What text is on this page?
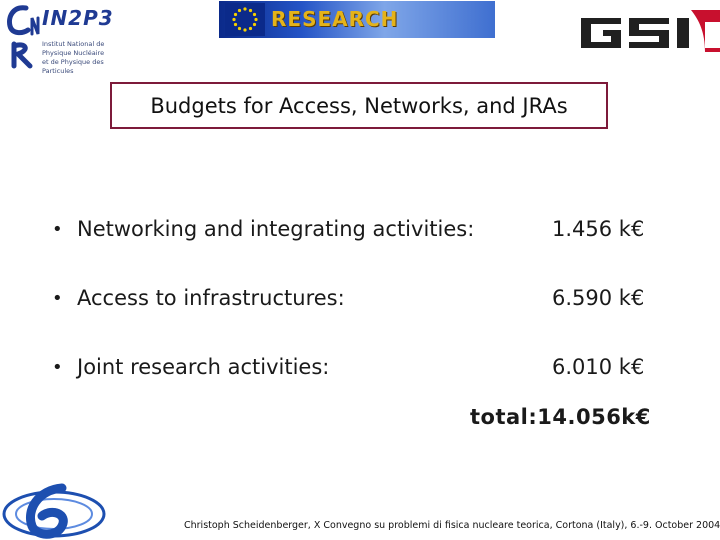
IN2P3
Institut National de Physique Nucléaire et de Physique des Particules
RESEARCH
Budgets for Access, Networks, and JRAs
• Networking and integrating activities:	1.456 k€
• Access to infrastructures:	6.590 k€
• Joint research activities:	6.010 k€
total:14.056k€
Christoph Scheidenberger, X Convegno su problemi di fisica nucleare teorica, Cortona (Italy), 6.-9. October 2004
